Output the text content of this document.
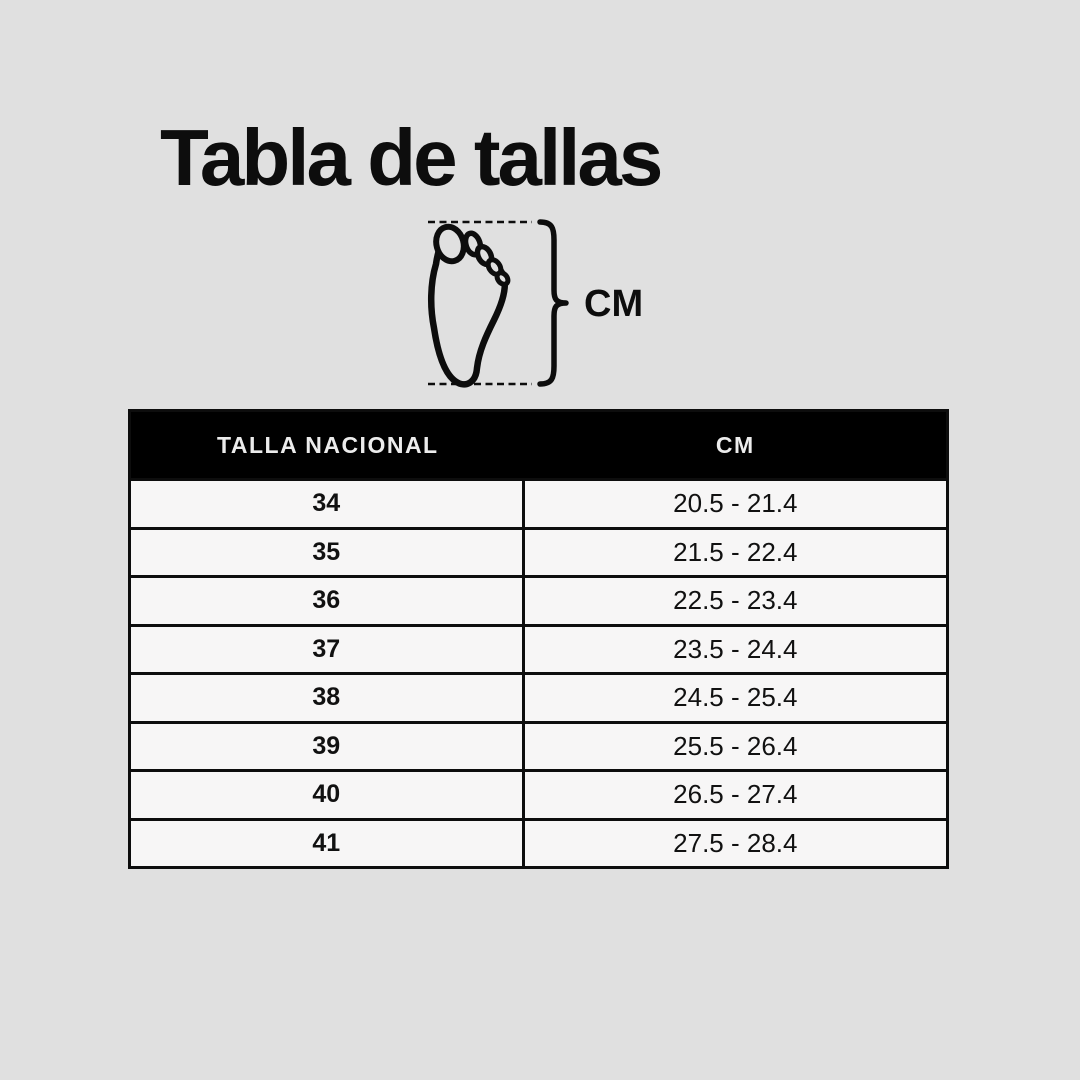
Tabla de tallas
CM
TALLA NACIONAL	CM
34	20.5 - 21.4
35	21.5 - 22.4
36	22.5 - 23.4
37	23.5 - 24.4
38	24.5 - 25.4
39	25.5 - 26.4
40	26.5 - 27.4
41	27.5 - 28.4
